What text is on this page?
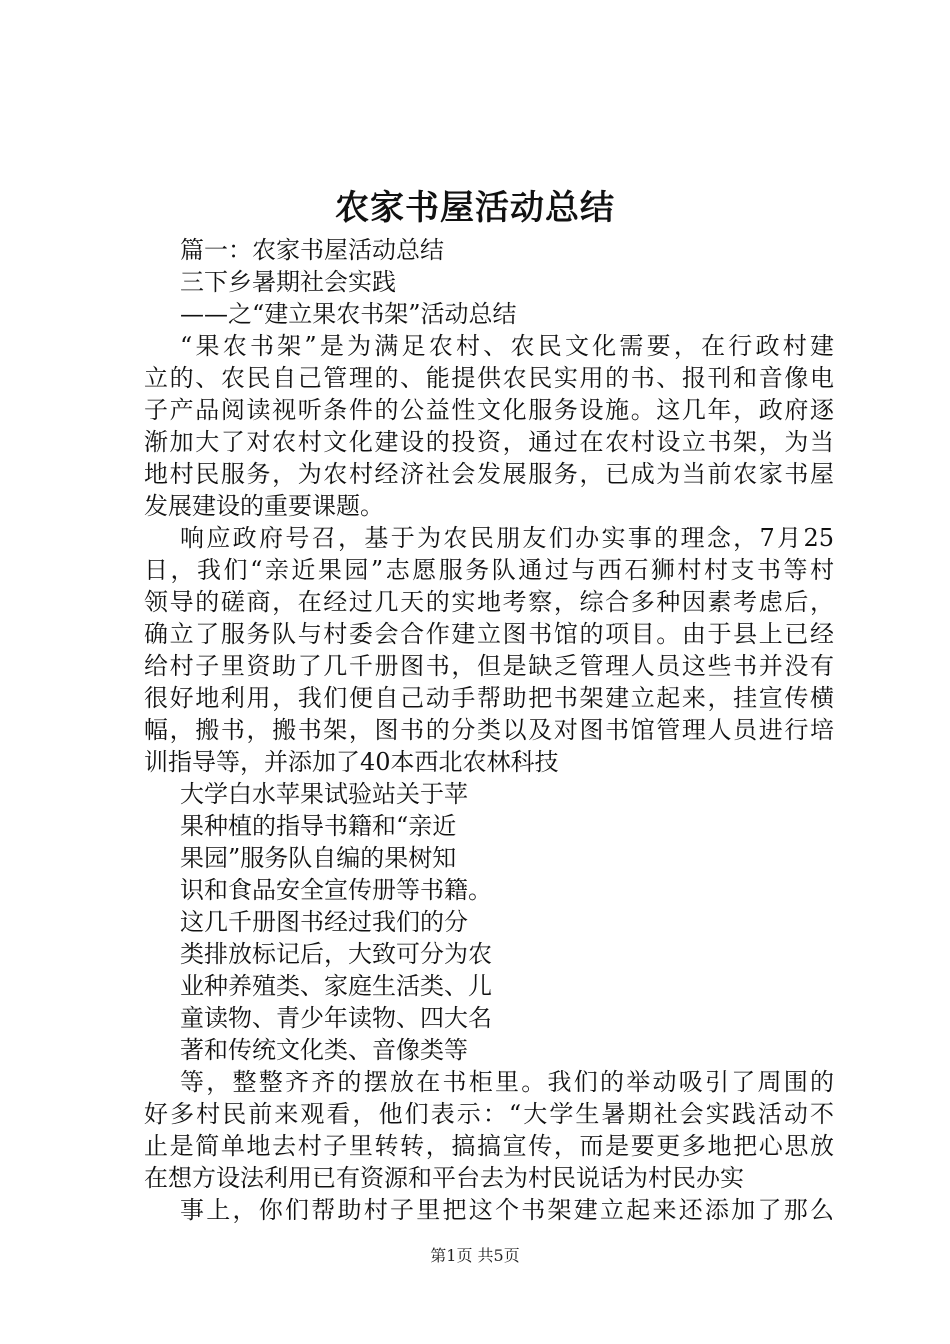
农家书屋活动总结

篇一：农家书屋活动总结

三下乡暑期社会实践

——之“建立果农书架”活动总结

“果农书架”是为满足农村、农民文化需要，在行政村建

立的、农民自己管理的、能提供农民实用的书、报刊和音像电

子产品阅读视听条件的公益性文化服务设施。这几年，政府逐

渐加大了对农村文化建设的投资，通过在农村设立书架，为当

地村民服务，为农村经济社会发展服务，已成为当前农家书屋

发展建设的重要课题。

响应政府号召，基于为农民朋友们办实事的理念，7月25

日，我们“亲近果园”志愿服务队通过与西石狮村村支书等村

领导的磋商，在经过几天的实地考察，综合多种因素考虑后，

确立了服务队与村委会合作建立图书馆的项目。由于县上已经

给村子里资助了几千册图书，但是缺乏管理人员这些书并没有

很好地利用，我们便自己动手帮助把书架建立起来，挂宣传横

幅，搬书，搬书架，图书的分类以及对图书馆管理人员进行培

训指导等，并添加了40本西北农林科技

大学白水苹果试验站关于苹

果种植的指导书籍和“亲近

果园”服务队自编的果树知

识和食品安全宣传册等书籍。

这几千册图书经过我们的分

类排放标记后，大致可分为农

业种养殖类、家庭生活类、儿

童读物、青少年读物、四大名

著和传统文化类、音像类等

等，整整齐齐的摆放在书柜里。我们的举动吸引了周围的

好多村民前来观看，他们表示：“大学生暑期社会实践活动不

止是简单地去村子里转转，搞搞宣传，而是要更多地把心思放

在想方设法利用已有资源和平台去为村民说话为村民办实

事上，你们帮助村子里把这个书架建立起来还添加了那么

第1页 共5页
